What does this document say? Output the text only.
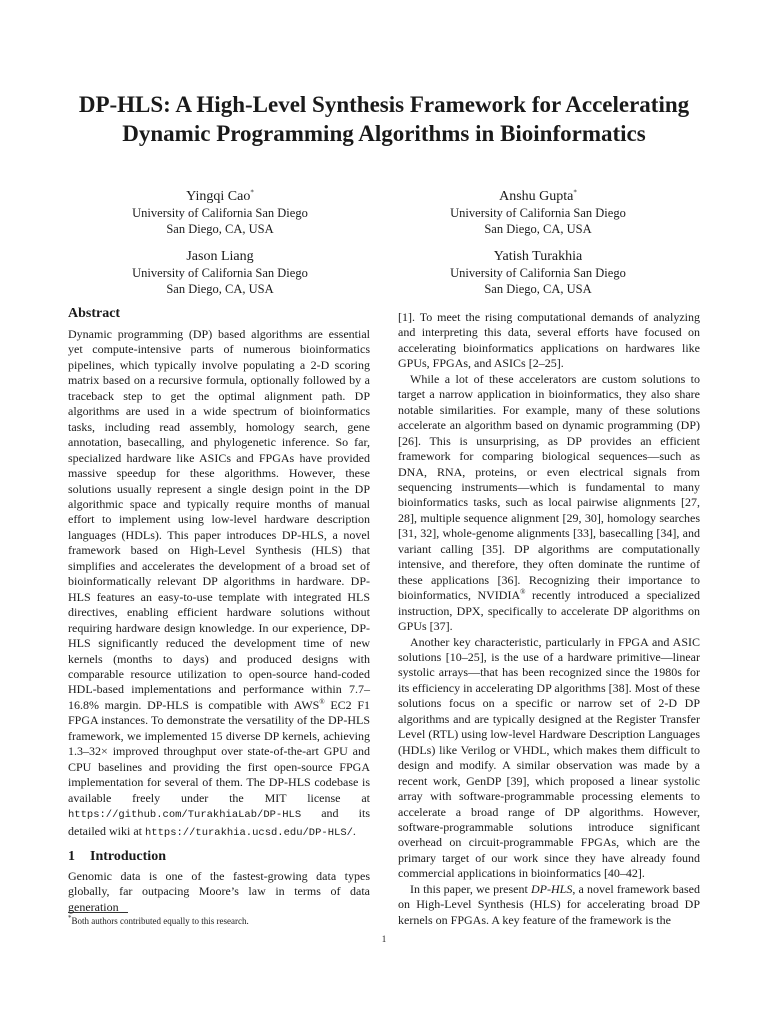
DP-HLS: A High-Level Synthesis Framework for Accelerating Dynamic Programming Algorithms in Bioinformatics
Yingqi Cao*
University of California San Diego
San Diego, CA, USA
Anshu Gupta*
University of California San Diego
San Diego, CA, USA
Jason Liang
University of California San Diego
San Diego, CA, USA
Yatish Turakhia
University of California San Diego
San Diego, CA, USA
Abstract

Dynamic programming (DP) based algorithms are essential yet compute-intensive parts of numerous bioinformatics pipelines, which typically involve populating a 2-D scoring matrix based on a recursive formula, optionally followed by a traceback step to get the optimal alignment path. DP algorithms are used in a wide spectrum of bioinformatics tasks, including read assembly, homology search, gene annotation, basecalling, and phylogenetic inference. So far, specialized hardware like ASICs and FPGAs have provided massive speedup for these algorithms. However, these solutions usually represent a single design point in the DP algorithmic space and typically require months of manual effort to implement using low-level hardware description languages (HDLs). This paper introduces DP-HLS, a novel framework based on High-Level Synthesis (HLS) that simplifies and accelerates the development of a broad set of bioinformatically relevant DP algorithms in hardware. DP-HLS features an easy-to-use template with integrated HLS directives, enabling efficient hardware solutions without requiring hardware design knowledge. In our experience, DP-HLS significantly reduced the development time of new kernels (months to days) and produced designs with comparable resource utilization to open-source hand-coded HDL-based implementations and performance within 7.7–16.8% margin. DP-HLS is compatible with AWS® EC2 F1 FPGA instances. To demonstrate the versatility of the DP-HLS framework, we implemented 15 diverse DP kernels, achieving 1.3–32× improved throughput over state-of-the-art GPU and CPU baselines and providing the first open-source FPGA implementation for several of them. The DP-HLS codebase is available freely under the MIT license at https://github.com/TurakhiaLab/DP-HLS and its detailed wiki at https://turakhia.ucsd.edu/DP-HLS/.

1 Introduction

Genomic data is one of the fastest-growing data types globally, far outpacing Moore’s law in terms of data generation

[1]. To meet the rising computational demands of analyzing and interpreting this data, several efforts have focused on accelerating bioinformatics applications on hardwares like GPUs, FPGAs, and ASICs [2–25].

While a lot of these accelerators are custom solutions to target a narrow application in bioinformatics, they also share notable similarities. For example, many of these solutions accelerate an algorithm based on dynamic programming (DP) [26]. This is unsurprising, as DP provides an efficient framework for comparing biological sequences—such as DNA, RNA, proteins, or even electrical signals from sequencing instruments—which is fundamental to many bioinformatics tasks, such as local pairwise alignments [27, 28], multiple sequence alignment [29, 30], homology searches [31, 32], whole-genome alignments [33], basecalling [34], and variant calling [35]. DP algorithms are computationally intensive, and therefore, they often dominate the runtime of these applications [36]. Recognizing their importance to bioinformatics, NVIDIA® recently introduced a specialized instruction, DPX, specifically to accelerate DP algorithms on GPUs [37].

Another key characteristic, particularly in FPGA and ASIC solutions [10–25], is the use of a hardware primitive—linear systolic arrays—that has been recognized since the 1980s for its efficiency in accelerating DP algorithms [38]. Most of these solutions focus on a specific or narrow set of 2-D DP algorithms and are typically designed at the Register Transfer Level (RTL) using low-level Hardware Description Languages (HDLs) like Verilog or VHDL, which makes them difficult to design and modify. A similar observation was made by a recent work, GenDP [39], which proposed a linear systolic array with software-programmable processing elements to accelerate a broad range of DP algorithms. However, software-programmable solutions introduce significant overhead on circuit-programmable FPGAs, which are the primary target of our work since they have already found commercial applications in bioinformatics [40–42].

In this paper, we present DP-HLS, a novel framework based on High-Level Synthesis (HLS) for accelerating broad DP kernels on FPGAs. A key feature of the framework is the

*Both authors contributed equally to this research.
1
